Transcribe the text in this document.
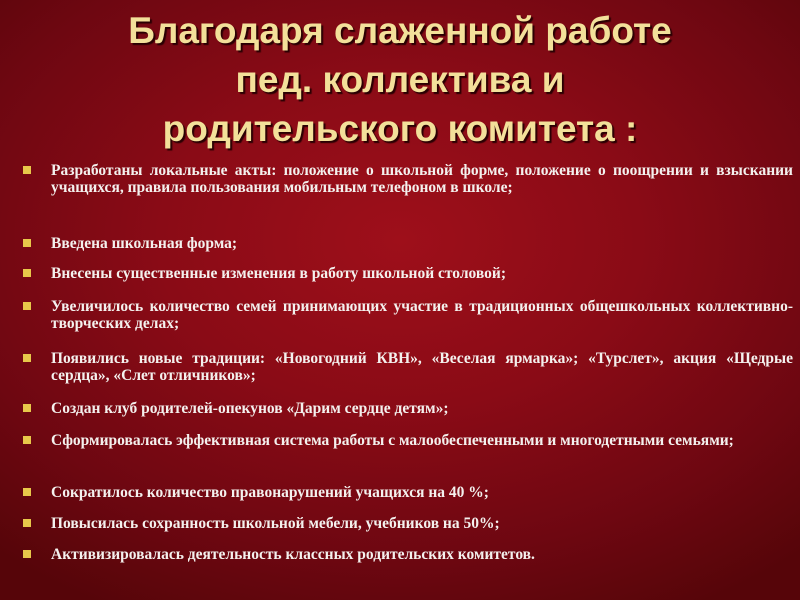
Благодаря слаженной работе
пед. коллектива и
родительского комитета :
Разработаны локальные акты: положение о школьной форме, положение о поощрении и взыскании учащихся, правила пользования мобильным телефоном в школе;
Введена школьная форма;
Внесены существенные изменения в работу школьной столовой;
Увеличилось количество семей принимающих участие в традиционных общешкольных коллективно-творческих делах;
Появились новые традиции: «Новогодний КВН», «Веселая ярмарка»; «Турслет», акция «Щедрые сердца», «Слет отличников»;
Создан клуб родителей-опекунов «Дарим сердце детям»;
Сформировалась эффективная система работы с малообеспеченными и многодетными семьями;
Сократилось количество правонарушений учащихся на 40 %;
Повысилась сохранность школьной мебели, учебников на 50%;
Активизировалась деятельность классных родительских комитетов.
